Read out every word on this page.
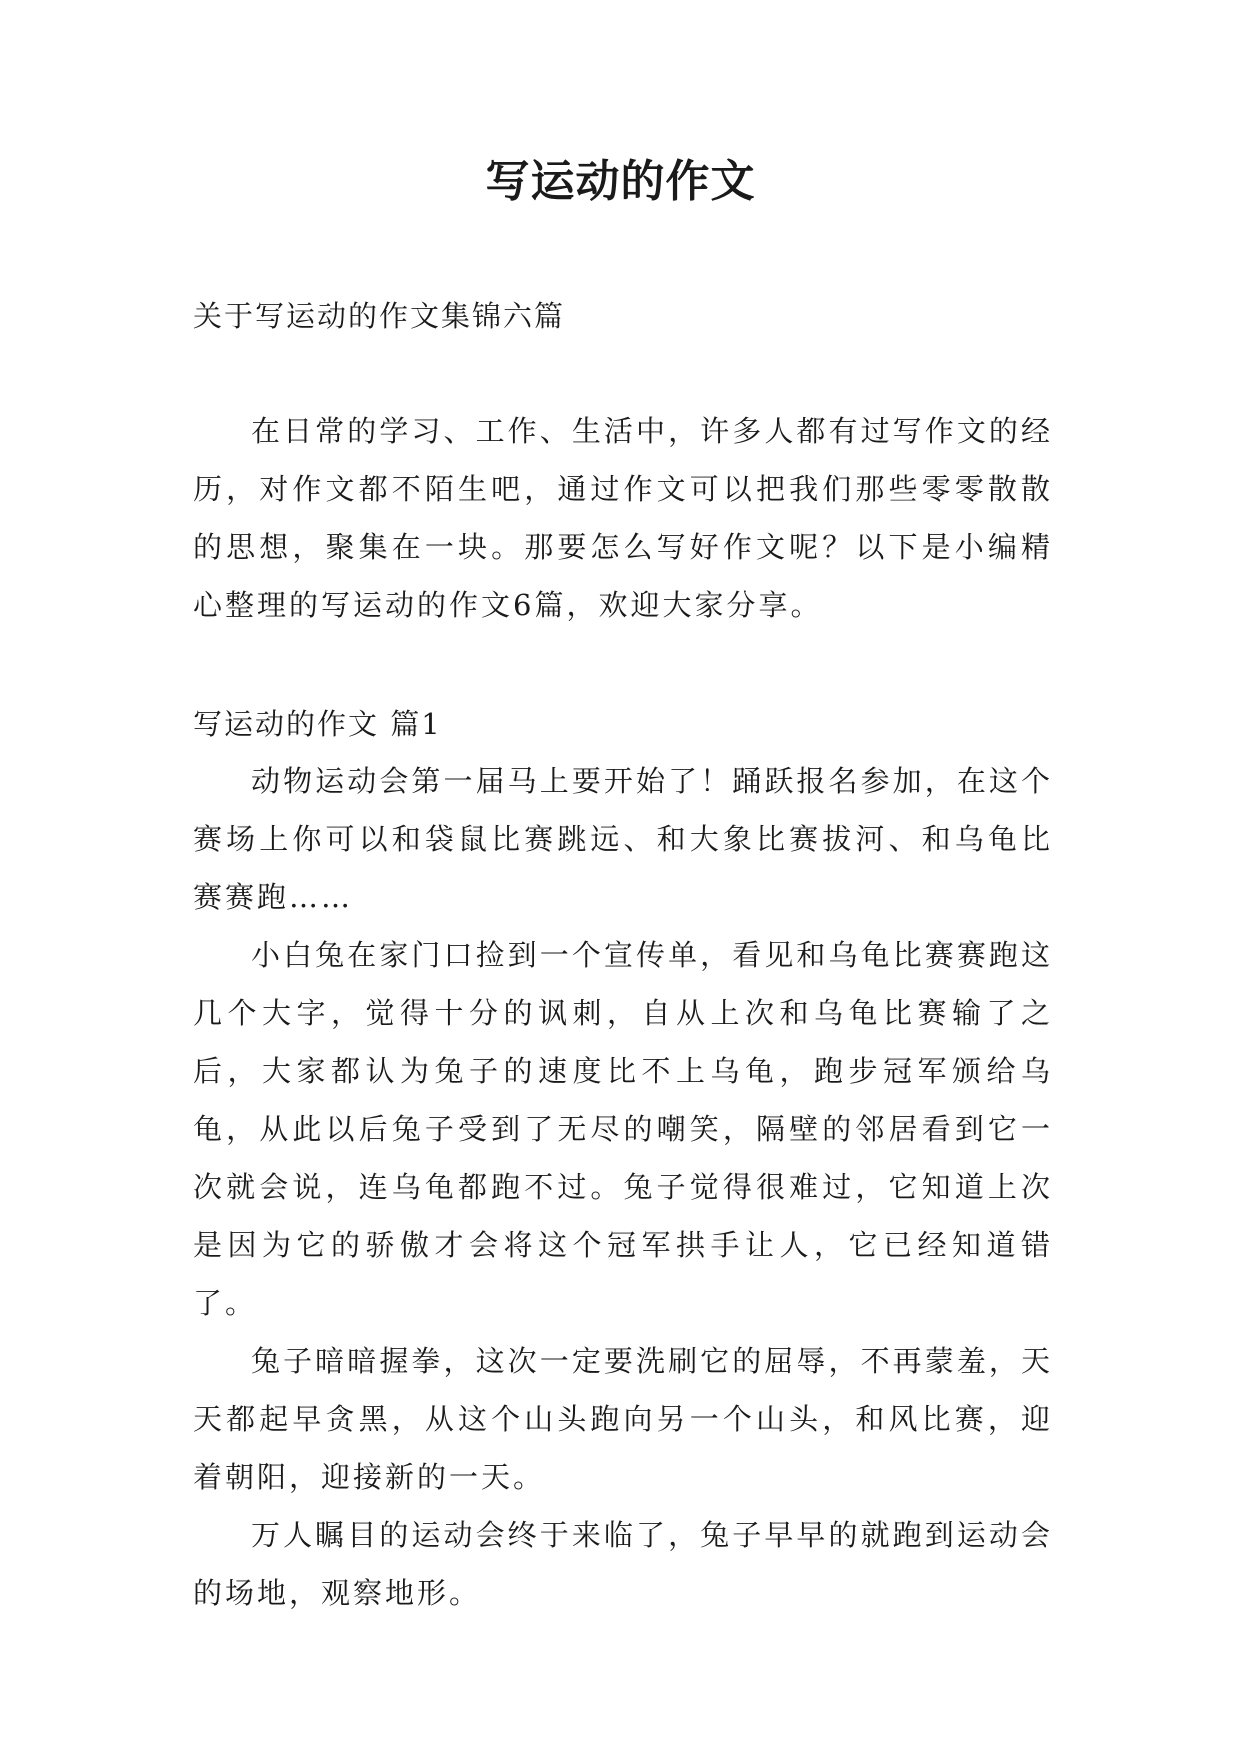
写运动的作文
关于写运动的作文集锦六篇

在日常的学习、工作、生活中，许多人都有过写作文的经历，对作文都不陌生吧，通过作文可以把我们那些零零散散的思想，聚集在一块。那要怎么写好作文呢？以下是小编精心整理的写运动的作文6篇，欢迎大家分享。

写运动的作文 篇1

动物运动会第一届马上要开始了！踊跃报名参加，在这个赛场上你可以和袋鼠比赛跳远、和大象比赛拔河、和乌龟比赛赛跑……

小白兔在家门口捡到一个宣传单，看见和乌龟比赛赛跑这几个大字，觉得十分的讽刺，自从上次和乌龟比赛输了之后，大家都认为兔子的速度比不上乌龟，跑步冠军颁给乌龟，从此以后兔子受到了无尽的嘲笑，隔壁的邻居看到它一次就会说，连乌龟都跑不过。兔子觉得很难过，它知道上次是因为它的骄傲才会将这个冠军拱手让人，它已经知道错了。

兔子暗暗握拳，这次一定要洗刷它的屈辱，不再蒙羞，天天都起早贪黑，从这个山头跑向另一个山头，和风比赛，迎着朝阳，迎接新的一天。

万人瞩目的运动会终于来临了，兔子早早的就跑到运动会的场地，观察地形。
